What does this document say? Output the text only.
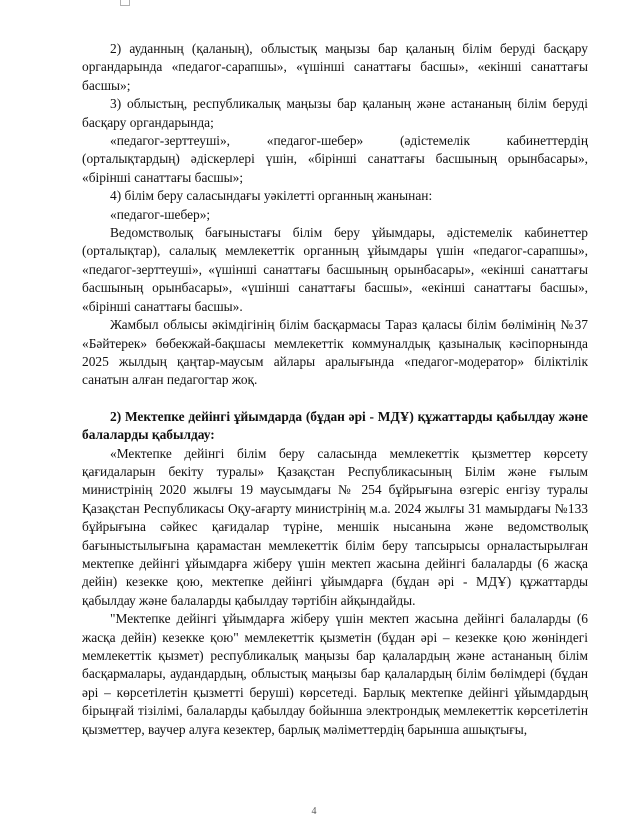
2) ауданның (қаланың), облыстық маңызы бар қаланың білім беруді басқару органдарында «педагог-сарапшы», «үшінші санаттағы басшы», «екінші санаттағы басшы»;

3) облыстың, республикалық маңызы бар қаланың және астананың білім беруді басқару органдарында;

«педагог-зерттеуші», «педагог-шебер» (әдістемелік кабинеттердің (орталықтардың) әдіскерлері үшін, «бірінші санаттағы басшының орынбасары», «бірінші санаттағы басшы»;

4) білім беру саласындағы уәкілетті органның жанынан:

«педагог-шебер»;

Ведомстволық бағыныстағы білім беру ұйымдары, әдістемелік кабинеттер (орталықтар), салалық мемлекеттік органның ұйымдары үшін «педагог-сарапшы», «педагог-зерттеуші», «үшінші санаттағы басшының орынбасары», «екінші санаттағы басшының орынбасары», «үшінші санаттағы басшы», «екінші санаттағы басшы», «бірінші санаттағы басшы».

Жамбыл облысы әкімдігінің білім басқармасы Тараз қаласы білім бөлімінің №37 «Бәйтерек» бөбекжай-бақшасы мемлекеттік коммуналдық қазыналық кәсіпорнында 2025 жылдың қаңтар-маусым айлары аралығында «педагог-модератор» біліктілік санатын алған педагогтар жоқ.

2) Мектепке дейінгі ұйымдарда (бұдан әрі - МДҰ) құжаттарды қабылдау және балаларды қабылдау:

«Мектепке дейінгі білім беру саласында мемлекеттік қызметтер көрсету қағидаларын бекіту туралы» Қазақстан Республикасының Білім және ғылым министрінің 2020 жылғы 19 маусымдағы № 254 бұйрығына өзгеріс енгізу туралы Қазақстан Республикасы Оқу-ағарту министрінің м.а. 2024 жылғы 31 мамырдағы №133 бұйрығына сәйкес қағидалар түріне, меншік нысанына және ведомстволық бағыныстылығына қарамастан мемлекеттік білім беру тапсырысы орналастырылған мектепке дейінгі ұйымдарға жіберу үшін мектеп жасына дейінгі балаларды (6 жасқа дейін) кезекке қою, мектепке дейінгі ұйымдарға (бұдан әрі - МДҰ) құжаттарды қабылдау және балаларды қабылдау тәртібін айқындайды.

"Мектепке дейінгі ұйымдарға жіберу үшін мектеп жасына дейінгі балаларды (6 жасқа дейін) кезекке қою" мемлекеттік қызметін (бұдан әрі – кезекке қою жөніндегі мемлекеттік қызмет) республикалық маңызы бар қалалардың және астананың білім басқармалары, аудандардың, облыстық маңызы бар қалалардың білім бөлімдері (бұдан әрі – көрсетілетін қызметті беруші) көрсетеді. Барлық мектепке дейінгі ұйымдардың бірыңғай тізілімі, балаларды қабылдау бойынша электрондық мемлекеттік көрсетілетін қызметтер, ваучер алуға кезектер, барлық мәліметтердің барынша ашықтығы,

4
